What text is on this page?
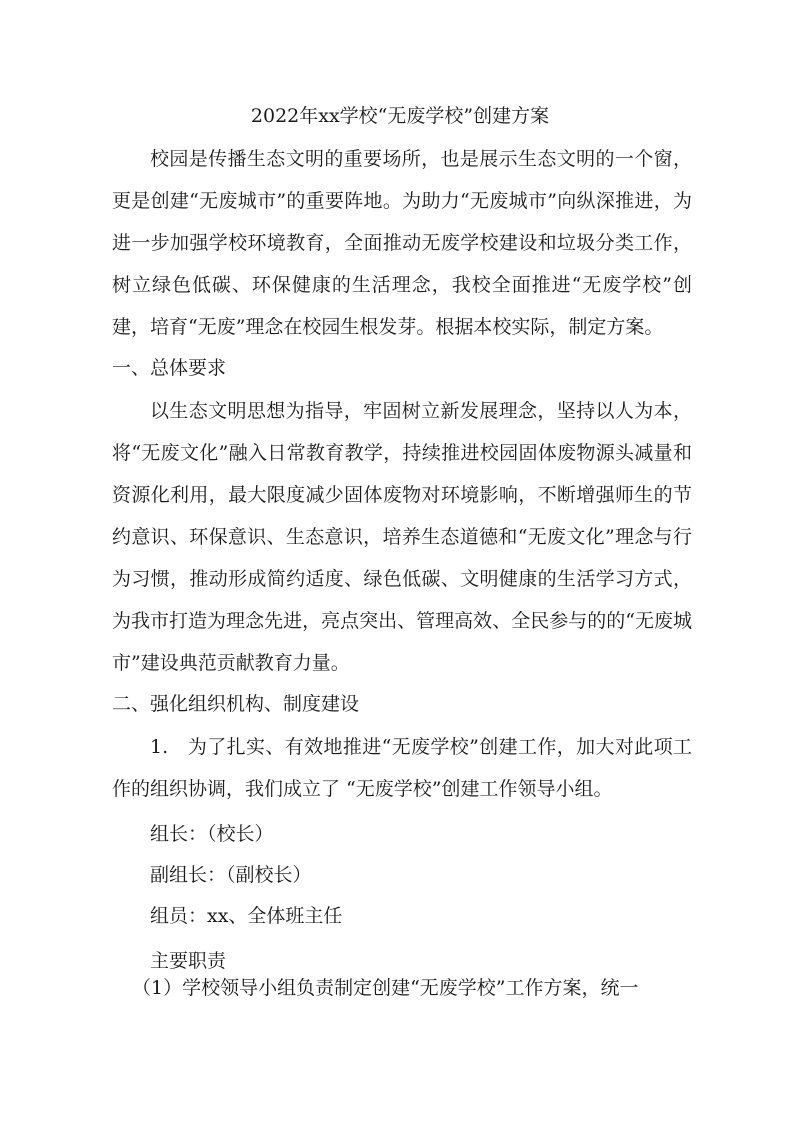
2022年xx学校“无废学校”创建方案
校园是传播生态文明的重要场所，也是展示生态文明的一个窗，更是创建“无废城市”的重要阵地。为助力“无废城市”向纵深推进，为进一步加强学校环境教育，全面推动无废学校建设和垃圾分类工作，树立绿色低碳、环保健康的生活理念，我校全面推进“无废学校”创建，培育“无废”理念在校园生根发芽。根据本校实际，制定方案。
一、总体要求
以生态文明思想为指导，牢固树立新发展理念，坚持以人为本，将“无废文化”融入日常教育教学，持续推进校园固体废物源头减量和资源化利用，最大限度减少固体废物对环境影响，不断增强师生的节约意识、环保意识、生态意识，培养生态道德和“无废文化”理念与行为习惯，推动形成简约适度、绿色低碳、文明健康的生活学习方式，为我市打造为理念先进，亮点突出、管理高效、全民参与的的“无废城市”建设典范贡献教育力量。
二、强化组织机构、制度建设
1.　为了扎实、有效地推进“无废学校”创建工作，加大对此项工作的组织协调，我们成立了 “无废学校”创建工作领导小组。
组长：（校长）
副组长：（副校长）
组员：xx、全体班主任
主要职责
（1）学校领导小组负责制定创建“无废学校”工作方案，统一
